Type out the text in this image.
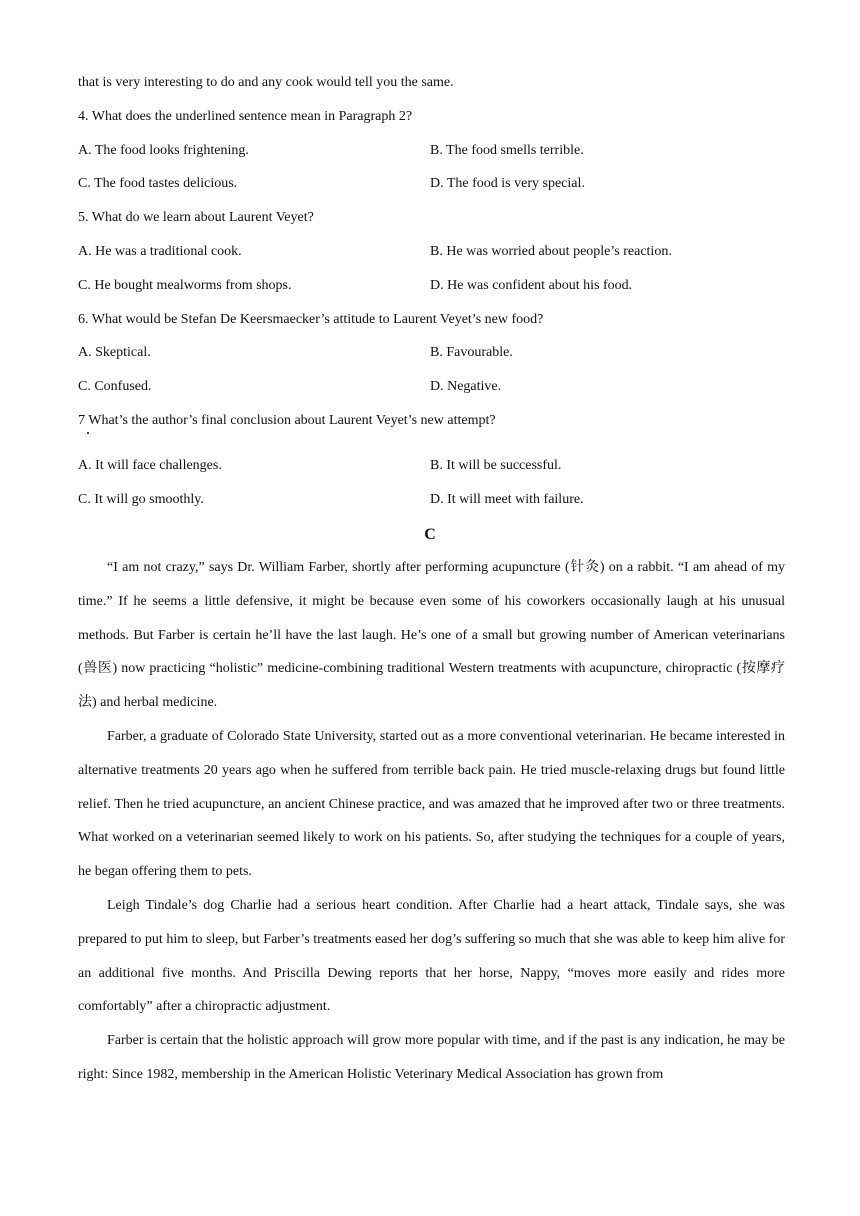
that is very interesting to do and any cook would tell you the same.
4. What does the underlined sentence mean in Paragraph 2?
A. The food looks frightening.	B. The food smells terrible.
C. The food tastes delicious.	D. The food is very special.
5. What do we learn about Laurent Veyet?
A. He was a traditional cook.	B. He was worried about people’s reaction.
C. He bought mealworms from shops.	D. He was confident about his food.
6. What would be Stefan De Keersmaecker’s attitude to Laurent Veyet’s new food?
A. Skeptical.	B. Favourable.
C. Confused.	D. Negative.
7 What’s the author’s final conclusion about Laurent Veyet’s new attempt?
A. It will face challenges.	B. It will be successful.
C. It will go smoothly.	D. It will meet with failure.
C

“I am not crazy,” says Dr. William Farber, shortly after performing acupuncture (针灸) on a rabbit. “I am ahead of my time.” If he seems a little defensive, it might be because even some of his coworkers occasionally laugh at his unusual methods. But Farber is certain he’ll have the last laugh. He’s one of a small but growing number of American veterinarians (兽医) now practicing “holistic” medicine-combining traditional Western treatments with acupuncture, chiropractic (按摩疗法) and herbal medicine.

Farber, a graduate of Colorado State University, started out as a more conventional veterinarian. He became interested in alternative treatments 20 years ago when he suffered from terrible back pain. He tried muscle-relaxing drugs but found little relief. Then he tried acupuncture, an ancient Chinese practice, and was amazed that he improved after two or three treatments. What worked on a veterinarian seemed likely to work on his patients. So, after studying the techniques for a couple of years, he began offering them to pets.

Leigh Tindale’s dog Charlie had a serious heart condition. After Charlie had a heart attack, Tindale says, she was prepared to put him to sleep, but Farber’s treatments eased her dog’s suffering so much that she was able to keep him alive for an additional five months. And Priscilla Dewing reports that her horse, Nappy, “moves more easily and rides more comfortably” after a chiropractic adjustment.

Farber is certain that the holistic approach will grow more popular with time, and if the past is any indication, he may be right: Since 1982, membership in the American Holistic Veterinary Medical Association has grown from
